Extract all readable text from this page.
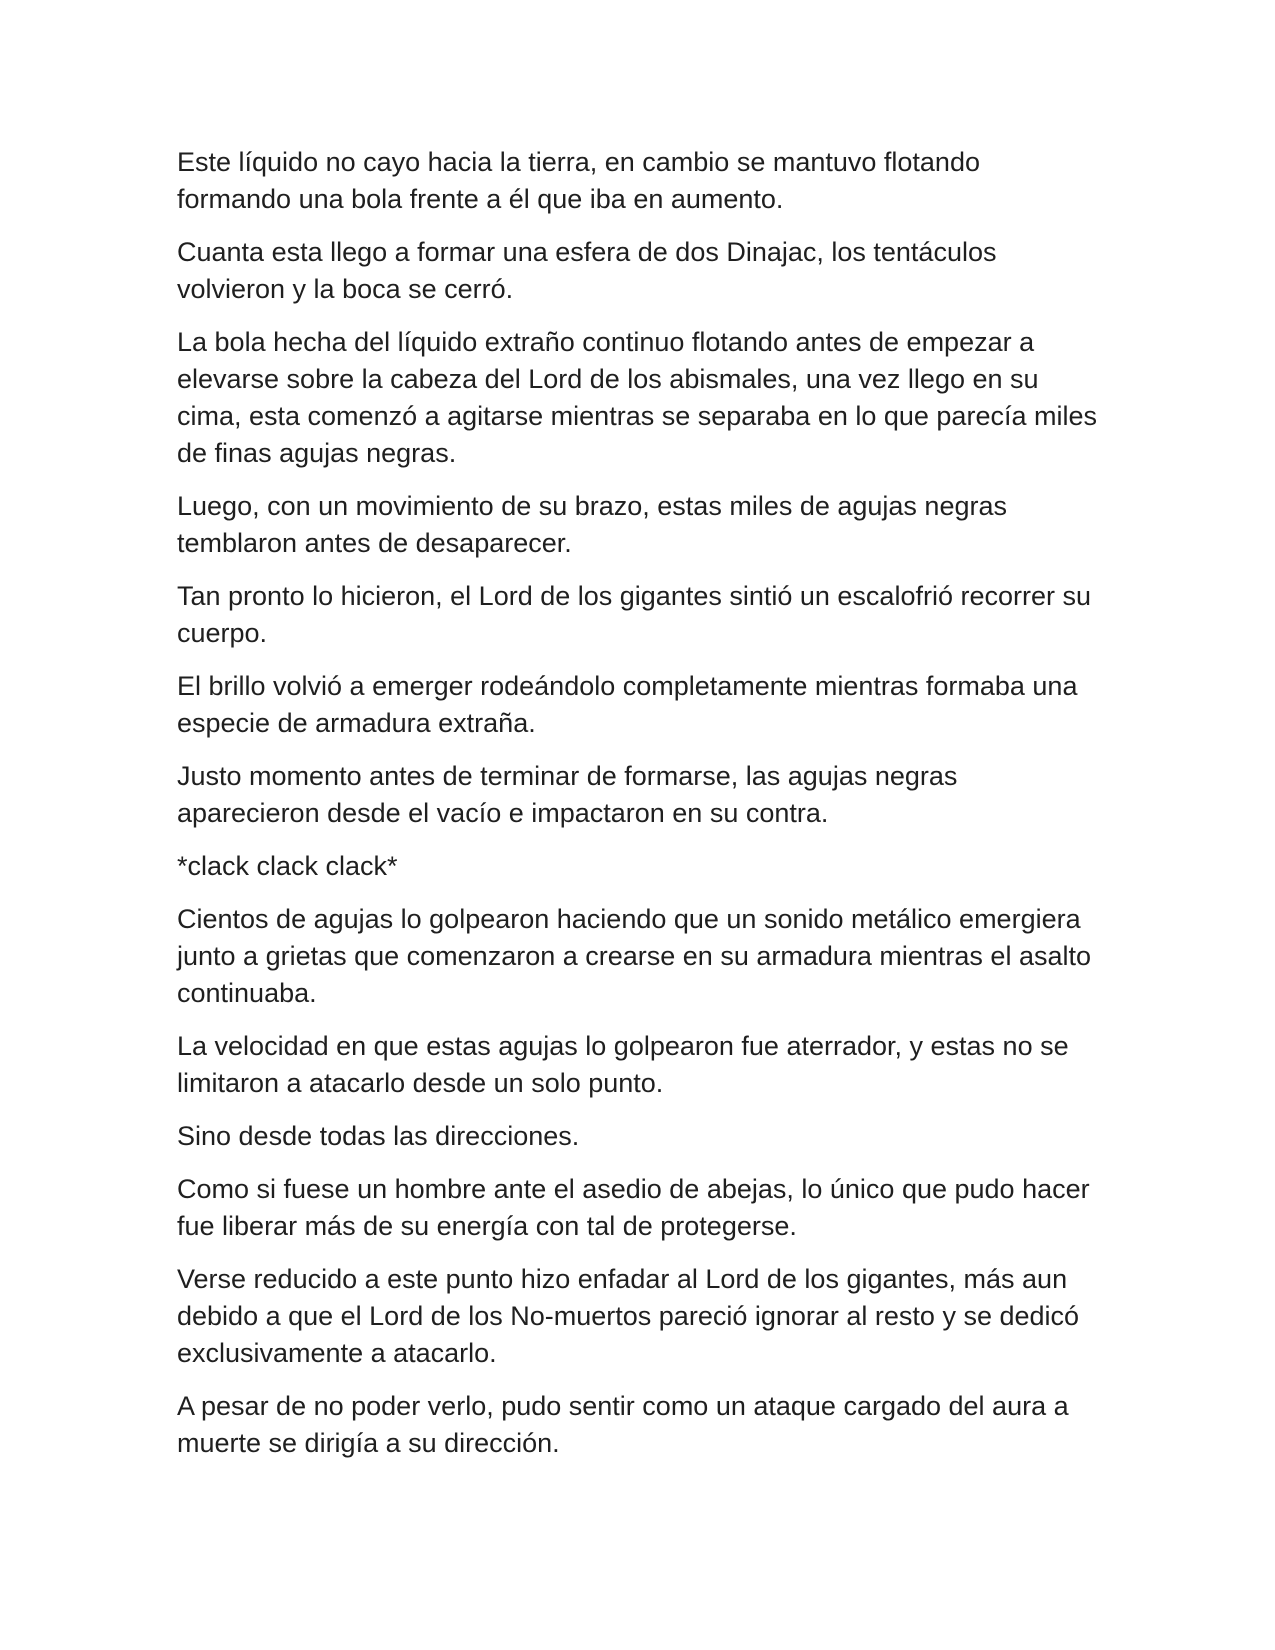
Este líquido no cayo hacia la tierra, en cambio se mantuvo flotando formando una bola frente a él que iba en aumento.

Cuanta esta llego a formar una esfera de dos Dinajac, los tentáculos volvieron y la boca se cerró.

La bola hecha del líquido extraño continuo flotando antes de empezar a elevarse sobre la cabeza del Lord de los abismales, una vez llego en su cima, esta comenzó a agitarse mientras se separaba en lo que parecía miles de finas agujas negras.

Luego, con un movimiento de su brazo, estas miles de agujas negras temblaron antes de desaparecer.

Tan pronto lo hicieron, el Lord de los gigantes sintió un escalofrió recorrer su cuerpo.

El brillo volvió a emerger rodeándolo completamente mientras formaba una especie de armadura extraña.

Justo momento antes de terminar de formarse, las agujas negras aparecieron desde el vacío e impactaron en su contra.

*clack clack clack*

Cientos de agujas lo golpearon haciendo que un sonido metálico emergiera junto a grietas que comenzaron a crearse en su armadura mientras el asalto continuaba.

La velocidad en que estas agujas lo golpearon fue aterrador, y estas no se limitaron a atacarlo desde un solo punto.

Sino desde todas las direcciones.

Como si fuese un hombre ante el asedio de abejas, lo único que pudo hacer fue liberar más de su energía con tal de protegerse.

Verse reducido a este punto hizo enfadar al Lord de los gigantes, más aun debido a que el Lord de los No-muertos pareció ignorar al resto y se dedicó exclusivamente a atacarlo.

A pesar de no poder verlo, pudo sentir como un ataque cargado del aura a muerte se dirigía a su dirección.
